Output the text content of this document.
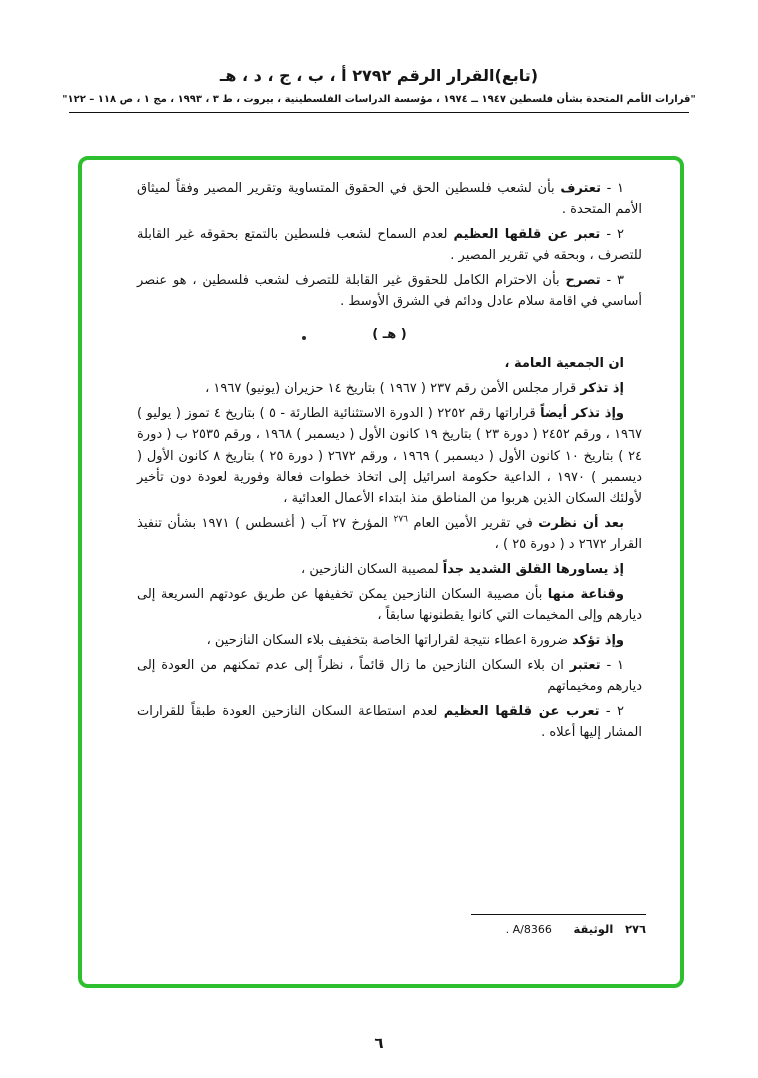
(تابع)القرار الرقم ٢٧٩٢ أ ، ب ، ج ، د ، هـ
"قرارات الأمم المتحدة بشأن فلسطين ١٩٤٧ ــ ١٩٧٤ ، مؤسسة الدراسات الفلسطينية ، بيروت ، ط ٣ ، ١٩٩٣ ، مج ١ ، ص ١١٨ – ١٢٢"

١ - تعترف بأن لشعب فلسطين الحق في الحقوق المتساوية وتقرير المصير وفقاً لميثاق الأمم المتحدة .

٢ - تعبر عن قلقها العظيم لعدم السماح لشعب فلسطين بالتمتع بحقوقه غير القابلة للتصرف ، وبحقه في تقرير المصير .

٣ - تصرح بأن الاحترام الكامل للحقوق غير القابلة للتصرف لشعب فلسطين ، هو عنصر أساسي في اقامة سلام عادل ودائم في الشرق الأوسط .

( هـ )

ان الجمعية العامة ،

إذ تذكر قرار مجلس الأمن رقم ٢٣٧ ( ١٩٦٧ ) بتاريخ ١٤ حزيران (يونيو) ١٩٦٧ ،

وإذ تذكر أيضاً قراراتها رقم ٢٢٥٢ ( الدورة الاستثنائية الطارئة - ٥ ) بتاريخ ٤ تموز ( يوليو ) ١٩٦٧ ، ورقم ٢٤٥٢ ( دورة ٢٣ ) بتاريخ ١٩ كانون الأول ( ديسمبر ) ١٩٦٨ ، ورقم ٢٥٣٥ ب ( دورة ٢٤ ) بتاريخ ١٠ كانون الأول ( ديسمبر ) ١٩٦٩ ، ورقم ٢٦٧٢ ( دورة ٢٥ ) بتاريخ ٨ كانون الأول ( ديسمبر ) ١٩٧٠ ، الداعية حكومة اسرائيل إلى اتخاذ خطوات فعالة وفورية لعودة دون تأخير لأولئك السكان الذين هربوا من المناطق منذ ابتداء الأعمال العدائية ،

بعد أن نظرت في تقرير الأمين العام $^{٢٧٦}$ المؤرخ ٢٧ آب ( أغسطس ) ١٩٧١ بشأن تنفيذ القرار ٢٦٧٢ د ( دورة ٢٥ ) ،

إذ يساورها القلق الشديد جداً لمصيبة السكان النازحين ،

وقناعة منها بأن مصيبة السكان النازحين يمكن تخفيفها عن طريق عودتهم السريعة إلى ديارهم وإلى المخيمات التي كانوا يقطنونها سابقاً ،

وإذ تؤكد ضرورة اعطاء نتيجة لقراراتها الخاصة بتخفيف بلاء السكان النازحين ،

١ - تعتبر ان بلاء السكان النازحين ما زال قائماً ، نظراً إلى عدم تمكنهم من العودة إلى ديارهم ومخيماتهم

٢ - تعرب عن قلقها العظيم لعدم استطاعة السكان النازحين العودة طبقاً للقرارات المشار إليها أعلاه .

٢٧٦ الوثيقة A/8366 .
٦
